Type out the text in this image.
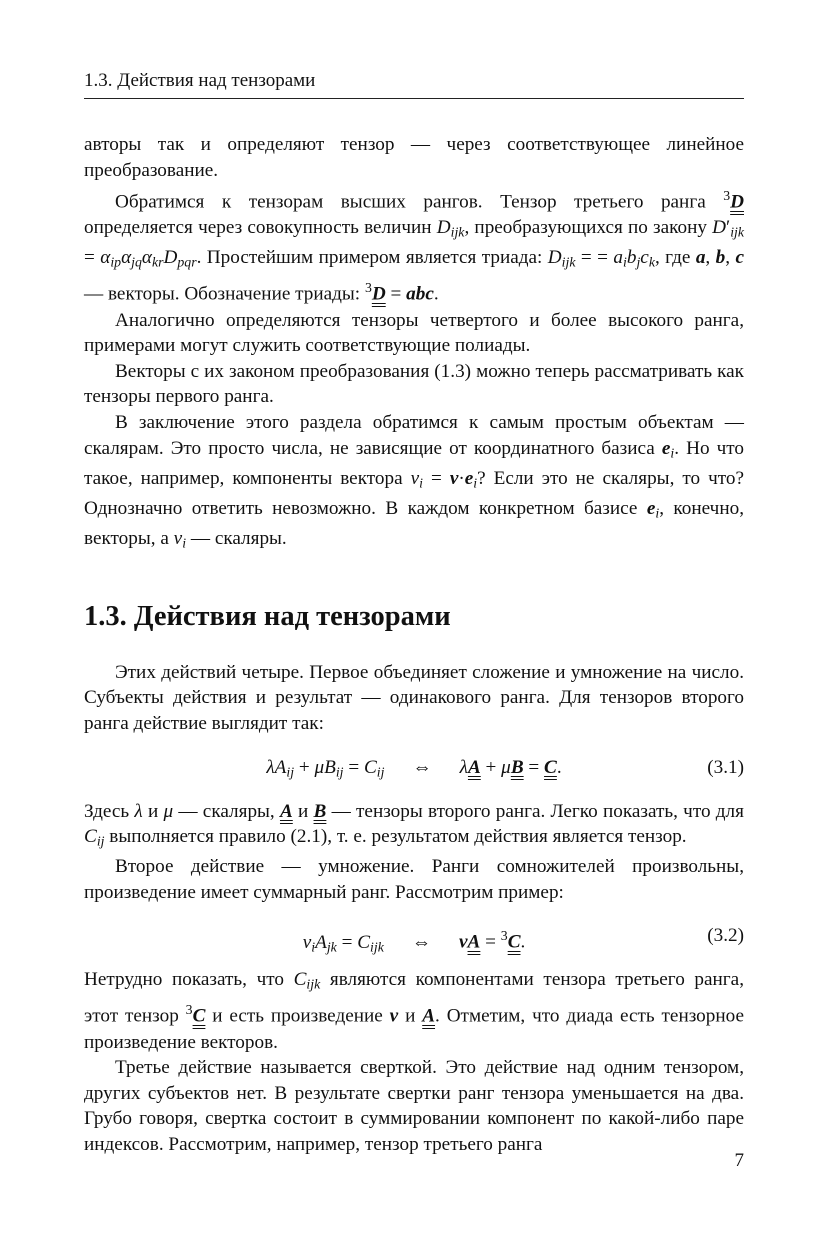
1.3. Действия над тензорами

авторы так и определяют тензор — через соответствующее линейное преобразование.

Обратимся к тензорам высших рангов. Тензор третьего ранга $^3$D определяется через совокупность величин $D_{ijk}$, преобразующихся по закону $D'_{ijk} = \alpha_{ip}\alpha_{jq}\alpha_{kr}D_{pqr}$. Простейшим примером является триада: $D_{ijk}$ = = $a_ib_jc_k$, где a, b, c — векторы. Обозначение триады: $^3$D = abc.

Аналогично определяются тензоры четвертого и более высокого ранга, примерами могут служить соответствующие полиады.

Векторы с их законом преобразования (1.3) можно теперь рассматривать как тензоры первого ранга.

В заключение этого раздела обратимся к самым простым объектам — скалярам. Это просто числа, не зависящие от координатного базиса $e_i$. Но что такое, например, компоненты вектора $v_i = v\cdot e_i$? Если это не скаляры, то что? Однозначно ответить невозможно. В каждом конкретном базисе $e_i$, конечно, векторы, а $v_i$ — скаляры.

1.3. Действия над тензорами

Этих действий четыре. Первое объединяет сложение и умножение на число. Субъекты действия и результат — одинакового ранга. Для тензоров второго ранга действие выглядит так:

$\lambda A_{ij} + \mu B_{ij} = C_{ij}$ ⇔ λA + μB = C.	(3.1)

Здесь λ и μ — скаляры, A и B — тензоры второго ранга. Легко показать, что для $C_{ij}$ выполняется правило (2.1), т. е. результатом действия является тензор.

Второе действие — умножение. Ранги сомножителей произвольны, произведение имеет суммарный ранг. Рассмотрим пример:

$v_iA_{jk} = C_{ijk}$ ⇔ vA = $^3$C.	(3.2)

Нетрудно показать, что $C_{ijk}$ являются компонентами тензора третьего ранга, этот тензор $^3$C и есть произведение v и A. Отметим, что диада есть тензорное произведение векторов.

Третье действие называется сверткой. Это действие над одним тензором, других субъектов нет. В результате свертки ранг тензора уменьшается на два. Грубо говоря, свертка состоит в суммировании компонент по какой-либо паре индексов. Рассмотрим, например, тензор третьего ранга

7
